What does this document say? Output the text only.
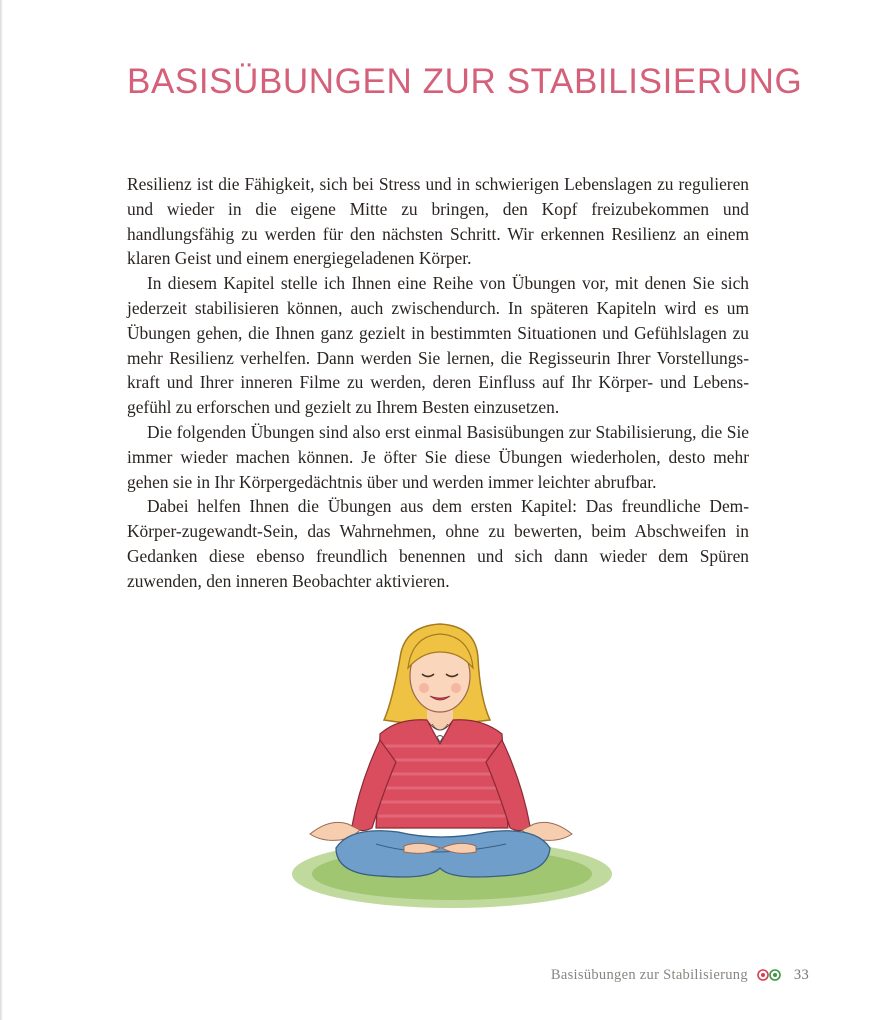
BASISÜBUNGEN ZUR STABILISIERUNG

Resilienz ist die Fähigkeit, sich bei Stress und in schwierigen Lebenslagen zu regulieren und wieder in die eigene Mitte zu bringen, den Kopf freizubekommen und handlungsfähig zu werden für den nächsten Schritt. Wir erkennen Resilienz an einem klaren Geist und einem energiegeladenen Körper.

In diesem Kapitel stelle ich Ihnen eine Reihe von Übungen vor, mit denen Sie sich jederzeit stabilisieren können, auch zwischendurch. In späteren Kapiteln wird es um Übungen gehen, die Ihnen ganz gezielt in bestimmten Situationen und Gefühlslagen zu mehr Resilienz verhelfen. Dann werden Sie lernen, die Regisseurin Ihrer Vorstellungskraft und Ihrer inneren Filme zu werden, deren Einfluss auf Ihr Körper- und Lebensgefühl zu erforschen und gezielt zu Ihrem Besten einzusetzen.

Die folgenden Übungen sind also erst einmal Basisübungen zur Stabilisierung, die Sie immer wieder machen können. Je öfter Sie diese Übungen wiederholen, desto mehr gehen sie in Ihr Körpergedächtnis über und werden immer leichter abrufbar.

Dabei helfen Ihnen die Übungen aus dem ersten Kapitel: Das freundliche Dem-Körper-zugewandt-Sein, das Wahrnehmen, ohne zu bewerten, beim Abschweifen in Gedanken diese ebenso freundlich benennen und sich dann wieder dem Spüren zuwenden, den inneren Beobachter aktivieren.

Basisübungen zur Stabilisierung	33
